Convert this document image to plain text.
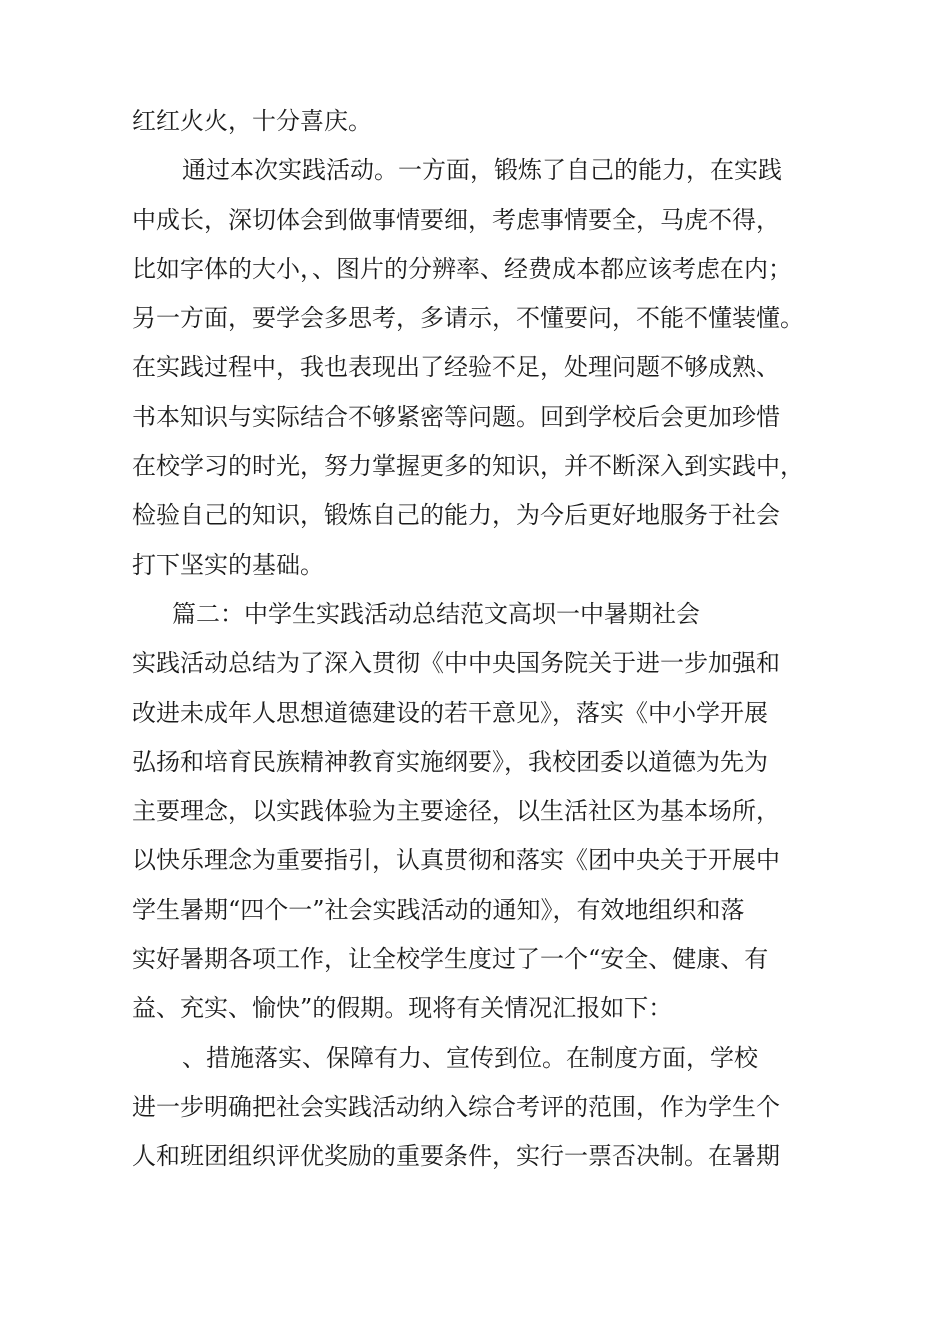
红红火火，十分喜庆。
通过本次实践活动。一方面，锻炼了自己的能力，在实践
中成长，深切体会到做事情要细，考虑事情要全，马虎不得，
比如字体的大小，、图片的分辨率、经费成本都应该考虑在内；
另一方面，要学会多思考，多请示，不懂要问，不能不懂装懂。
在实践过程中，我也表现出了经验不足，处理问题不够成熟、
书本知识与实际结合不够紧密等问题。回到学校后会更加珍惜
在校学习的时光，努力掌握更多的知识，并不断深入到实践中，
检验自己的知识，锻炼自己的能力，为今后更好地服务于社会
打下坚实的基础。
篇二：中学生实践活动总结范文高坝一中暑期社会
实践活动总结为了深入贯彻《中中央国务院关于进一步加强和
改进未成年人思想道德建设的若干意见》，落实《中小学开展
弘扬和培育民族精神教育实施纲要》，我校团委以道德为先为
主要理念，以实践体验为主要途径，以生活社区为基本场所，
以快乐理念为重要指引，认真贯彻和落实《团中央关于开展中
学生暑期“四个一”社会实践活动的通知》，有效地组织和落
实好暑期各项工作，让全校学生度过了一个“安全、健康、有
益、充实、愉快”的假期。现将有关情况汇报如下：
、措施落实、保障有力、宣传到位。在制度方面，学校
进一步明确把社会实践活动纳入综合考评的范围，作为学生个
人和班团组织评优奖励的重要条件，实行一票否决制。在暑期
